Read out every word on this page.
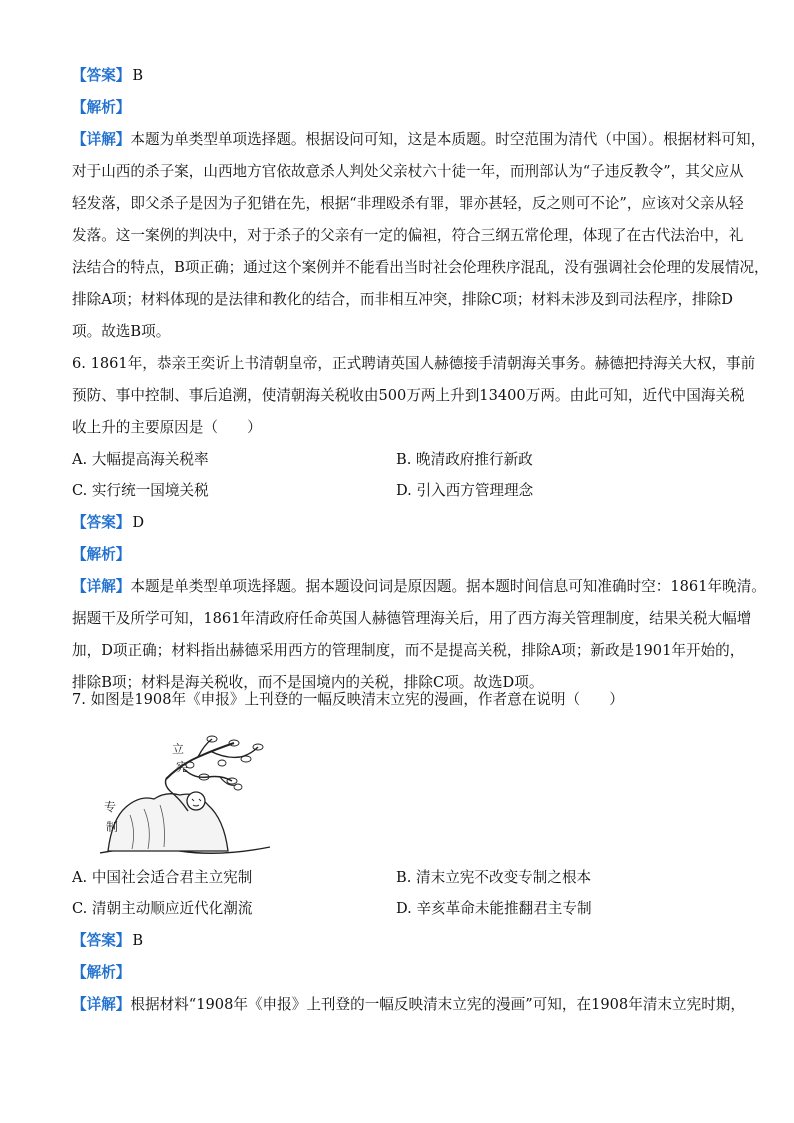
【答案】 B
【解析】
【详解】本题为单类型单项选择题。根据设问可知，这是本质题。时空范围为清代（中国）。根据材料可知，
对于山西的杀子案，山西地方官依故意杀人判处父亲杖六十徒一年，而刑部认为“子违反教令”，其父应从
轻发落，即父杀子是因为子犯错在先，根据“非理殴杀有罪，罪亦甚轻，反之则可不论”，应该对父亲从轻
发落。这一案例的判决中，对于杀子的父亲有一定的偏袒，符合三纲五常伦理，体现了在古代法治中，礼
法结合的特点，B项正确；通过这个案例并不能看出当时社会伦理秩序混乱，没有强调社会伦理的发展情况，
排除A项；材料体现的是法律和教化的结合，而非相互冲突，排除C项；材料未涉及到司法程序，排除D
项。故选B项。
6. 1861年，恭亲王奕䜣上书清朝皇帝，正式聘请英国人赫德接手清朝海关事务。赫德把持海关大权，事前
预防、事中控制、事后追溯，使清朝海关税收由500万两上升到13400万两。由此可知，近代中国海关税
收上升的主要原因是（　　）
A. 大幅提高海关税率	B. 晚清政府推行新政
C. 实行统一国境关税	D. 引入西方管理理念
【答案】 D
【解析】
【详解】本题是单类型单项选择题。据本题设问词是原因题。据本题时间信息可知准确时空：1861年晚清。
据题干及所学可知，1861年清政府任命英国人赫德管理海关后，用了西方海关管理制度，结果关税大幅增
加，D项正确；材料指出赫德采用西方的管理制度，而不是提高关税，排除A项；新政是1901年开始的，
排除B项；材料是海关税收，而不是国境内的关税，排除C项。故选D项。
7. 如图是1908年《申报》上刊登的一幅反映清末立宪的漫画，作者意在说明（　　）
立
宪
专
制
A. 中国社会适合君主立宪制	B. 清末立宪不改变专制之根本
C. 清朝主动顺应近代化潮流	D. 辛亥革命未能推翻君主专制
【答案】 B
【解析】
【详解】根据材料“1908年《申报》上刊登的一幅反映清末立宪的漫画”可知，在1908年清末立宪时期，
